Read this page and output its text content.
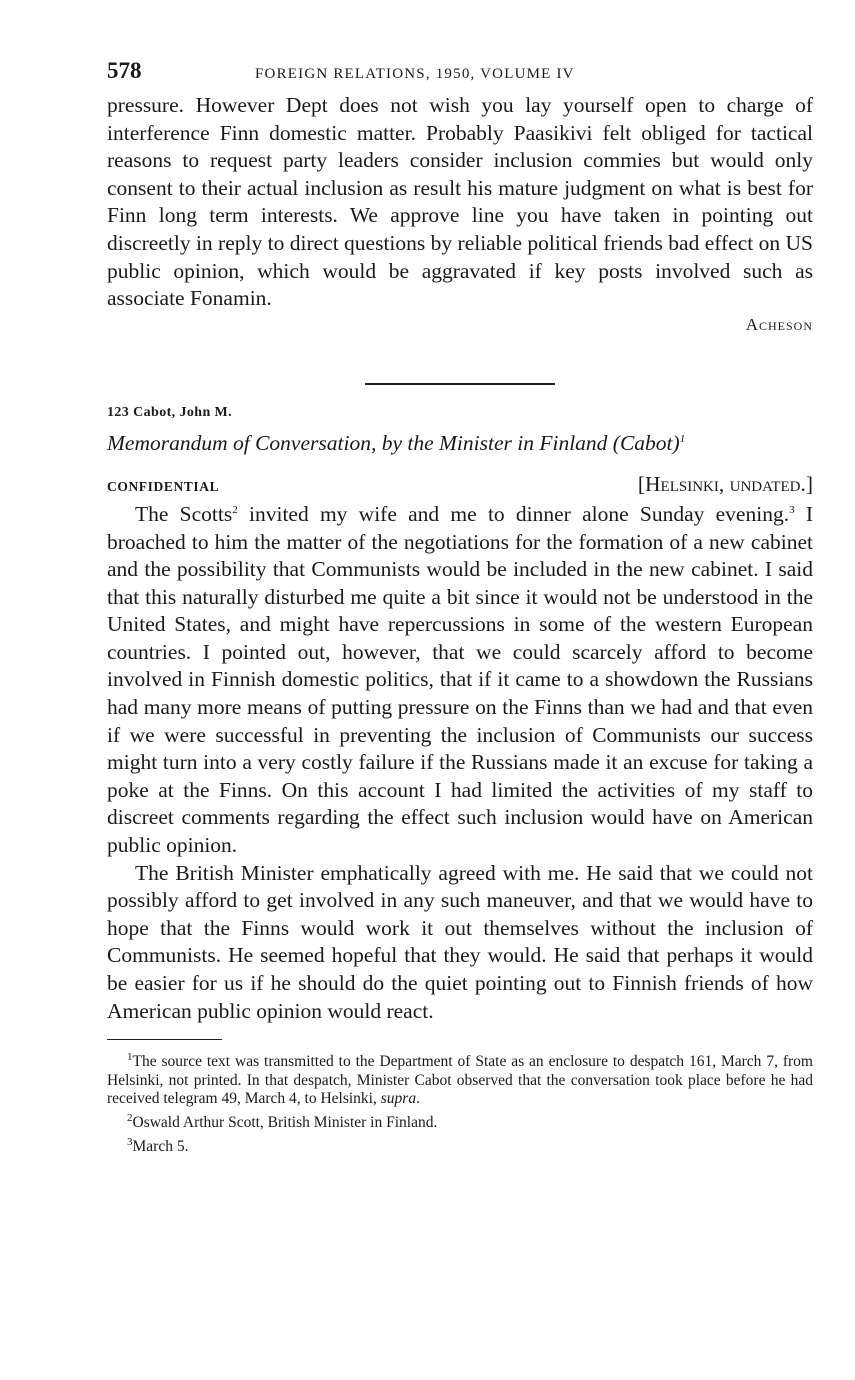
578	FOREIGN RELATIONS, 1950, VOLUME IV

pressure. However Dept does not wish you lay yourself open to charge of interference Finn domestic matter. Probably Paasikivi felt obliged for tactical reasons to request party leaders consider inclusion commies but would only consent to their actual inclusion as result his mature judgment on what is best for Finn long term interests. We approve line you have taken in pointing out discreetly in reply to direct questions by reliable political friends bad effect on US public opinion, which would be aggravated if key posts involved such as associate Fonamin.

Acheson
123 Cabot, John M.
Memorandum of Conversation, by the Minister in Finland (Cabot)$^1$
CONFIDENTIAL	[Helsinki, undated.]

The Scotts$^2$ invited my wife and me to dinner alone Sunday evening.$^3$ I broached to him the matter of the negotiations for the formation of a new cabinet and the possibility that Communists would be included in the new cabinet. I said that this naturally disturbed me quite a bit since it would not be understood in the United States, and might have repercussions in some of the western European countries. I pointed out, however, that we could scarcely afford to become involved in Finnish domestic politics, that if it came to a showdown the Russians had many more means of putting pressure on the Finns than we had and that even if we were successful in preventing the inclusion of Communists our success might turn into a very costly failure if the Russians made it an excuse for taking a poke at the Finns. On this account I had limited the activities of my staff to discreet comments regarding the effect such inclusion would have on American public opinion.

The British Minister emphatically agreed with me. He said that we could not possibly afford to get involved in any such maneuver, and that we would have to hope that the Finns would work it out themselves without the inclusion of Communists. He seemed hopeful that they would. He said that perhaps it would be easier for us if he should do the quiet pointing out to Finnish friends of how American public opinion would react.

$^1$The source text was transmitted to the Department of State as an enclosure to despatch 161, March 7, from Helsinki, not printed. In that despatch, Minister Cabot observed that the conversation took place before he had received telegram 49, March 4, to Helsinki, supra.

$^2$Oswald Arthur Scott, British Minister in Finland.

$^3$March 5.
